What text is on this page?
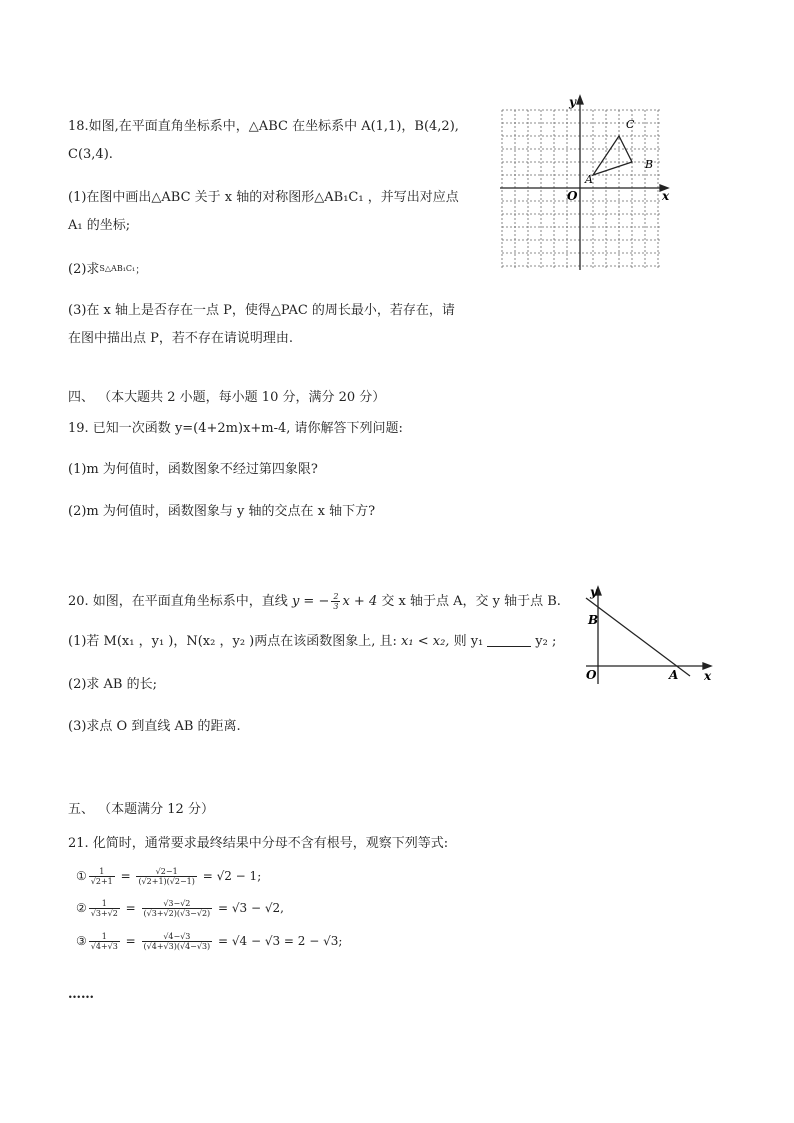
18.如图,在平面直角坐标系中，△ABC 在坐标系中 A(1,1)，B(4,2),
C(3,4).
(1)在图中画出△ABC 关于 x 轴的对称图形△AB₁C₁ ，并写出对应点
A₁ 的坐标;
(2)求S△AB₁C₁；
(3)在 x 轴上是否存在一点 P，使得△PAC 的周长最小，若存在，请
在图中描出点 P，若不存在请说明理由.
y
x
O
A
B
C
四、 （本大题共 2 小题，每小题 10 分，满分 20 分）
19. 已知一次函数 y=(4+2m)x+m-4, 请你解答下列问题:
(1)m 为何值时，函数图象不经过第四象限?
(2)m 为何值时，函数图象与 y 轴的交点在 x 轴下方?
20. 如图，在平面直角坐标系中，直线 y = − $\frac{2}{3}$ x + 4 交 x 轴于点 A，交 y 轴于点 B.
(1)若 M(x₁ ，y₁ )，N(x₂ ，y₂ )两点在该函数图象上, 且: x₁ < x₂, 则 y₁	y₂ ;
(2)求 AB 的长;
(3)求点 O 到直线 AB 的距离.
y
x
O
B
A
五、 （本题满分 12 分）
21. 化简时，通常要求最终结果中分母不含有根号，观察下列等式:
① $\frac{1}{√2+1} = \frac{√2-1}{(√2+1)(√2-1)} = √2 - 1$;
② $\frac{1}{√3+√2} = \frac{√3-√2}{(√3+√2)(√3-√2)} = √3 - √2$,
③ $\frac{1}{√4+√3} = \frac{√4-√3}{(√4+√3)(√4-√3)} = √4 - √3 = 2 - √3$;
……
